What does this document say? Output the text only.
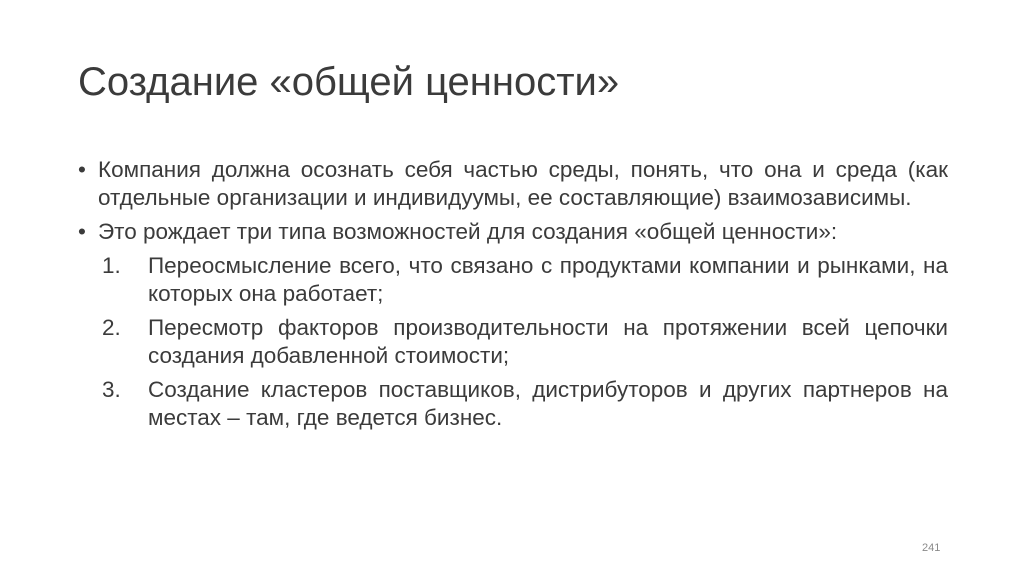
Создание «общей ценности»
• Компания должна осознать себя частью среды, понять, что она и среда (как отдельные организации и индивидуумы, ее составляющие) взаимозависимы.
• Это рождает три типа возможностей для создания «общей ценности»:
1. Переосмысление всего, что связано с продуктами компании и рынками, на которых она работает;
2. Пересмотр факторов производительности на протяжении всей цепочки создания добавленной стоимости;
3. Создание кластеров поставщиков, дистрибуторов и других партнеров на местах – там, где ведется бизнес.
241
